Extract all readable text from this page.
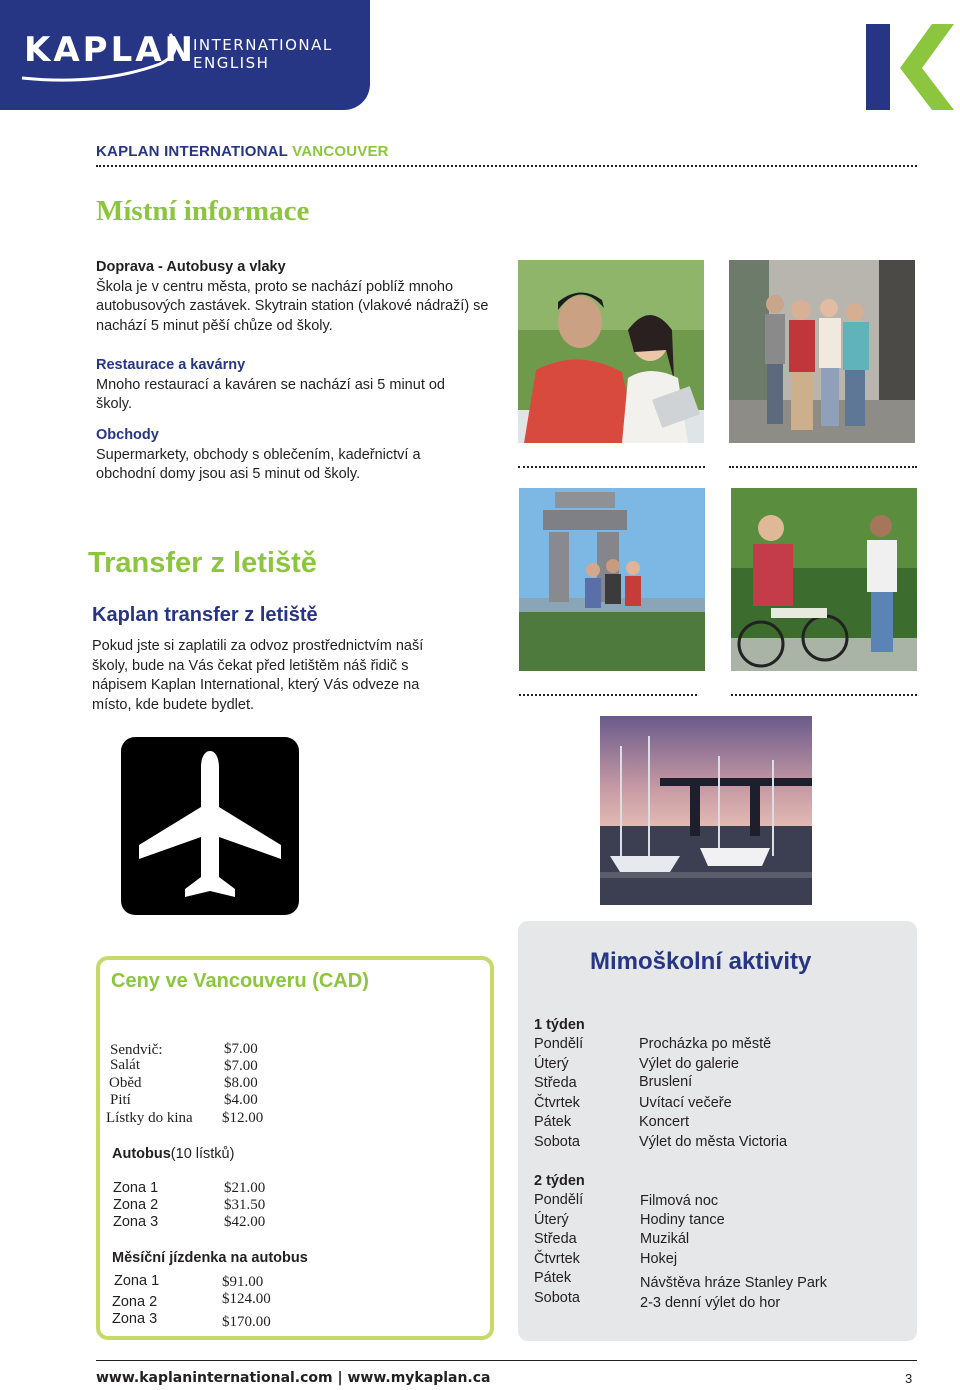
KAPLAN
INTERNATIONAL
ENGLISH
KAPLAN INTERNATIONAL VANCOUVER
Místní informace
Doprava - Autobusy a vlaky
Škola je v centru města, proto se nachází poblíž mnoho autobusových zastávek. Skytrain station (vlakové nádraží) se nachází 5 minut pěší chůze od školy.
Restaurace a kavárny
Mnoho restaurací a kaváren se nachází asi 5 minut od školy.
Obchody
Supermarkety, obchody s oblečením, kadeřnictví a obchodní domy jsou asi 5 minut od školy.
Transfer z letiště
Kaplan transfer z letiště
Pokud jste si zaplatili za odvoz prostřednictvím naší školy, bude na Vás čekat před letištěm náš řidič s nápisem Kaplan International, který Vás odveze na místo, kde budete bydlet.
Ceny ve Vancouveru (CAD)
Sendvič:	$7.00
Salát	$7.00
Oběd	$8.00
Pití	$4.00
Lístky do kina $12.00
Autobus(10 lístků)
Zona 1	$21.00
Zona 2	$31.50
Zona 3	$42.00
Měsíční jízdenka na autobus
Zona 1	$91.00
Zona 2	$124.00
Zona 3	$170.00
Mimoškolní aktivity
1 týden
Pondělí	Procházka po městě
Úterý	Výlet do galerie
Středa	Bruslení
Čtvrtek	Uvítací večeře
Pátek	Koncert
Sobota	Výlet do města Victoria
2 týden
Pondělí	Filmová noc
Úterý	Hodiny tance
Středa	Muzikál
Čtvrtek	Hokej
Pátek	Návštěva hráze Stanley Park
Sobota	2-3 denní výlet do hor
www.kaplaninternational.com | www.mykaplan.ca	3
